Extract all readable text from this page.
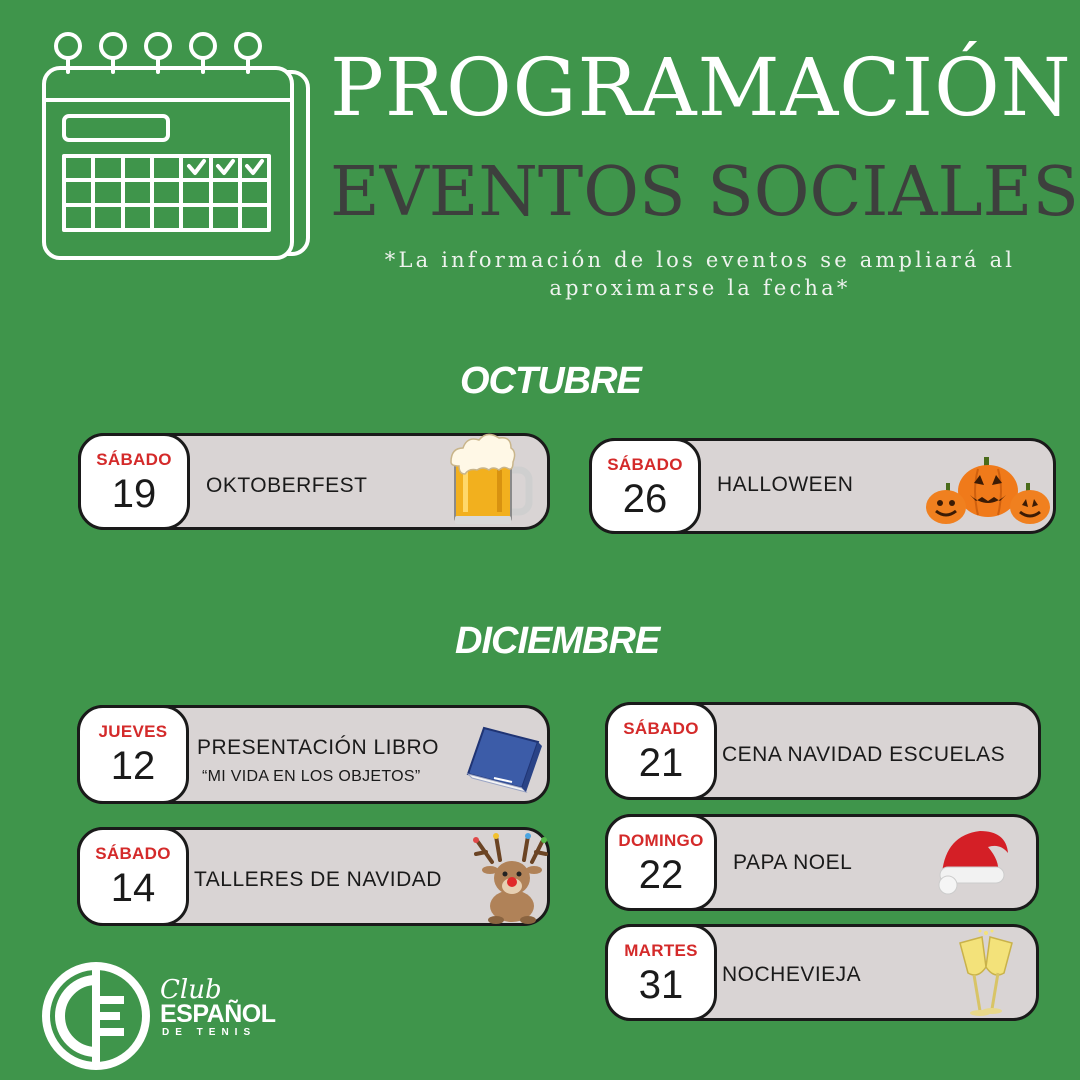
PROGRAMACIÓN
EVENTOS SOCIALES
*La información de los eventos se ampliará al aproximarse la fecha*
OCTUBRE
DICIEMBRE
SÁBADO
19	OKTOBERFEST
SÁBADO
26	HALLOWEEN
JUEVES
12	PRESENTACIÓN LIBRO
“MI VIDA EN LOS OBJETOS”
SÁBADO
14	TALLERES DE NAVIDAD
SÁBADO
21	CENA NAVIDAD ESCUELAS
DOMINGO
22	PAPA NOEL
MARTES
31	NOCHEVIEJA
Club
ESPAÑOL
DE TENIS
